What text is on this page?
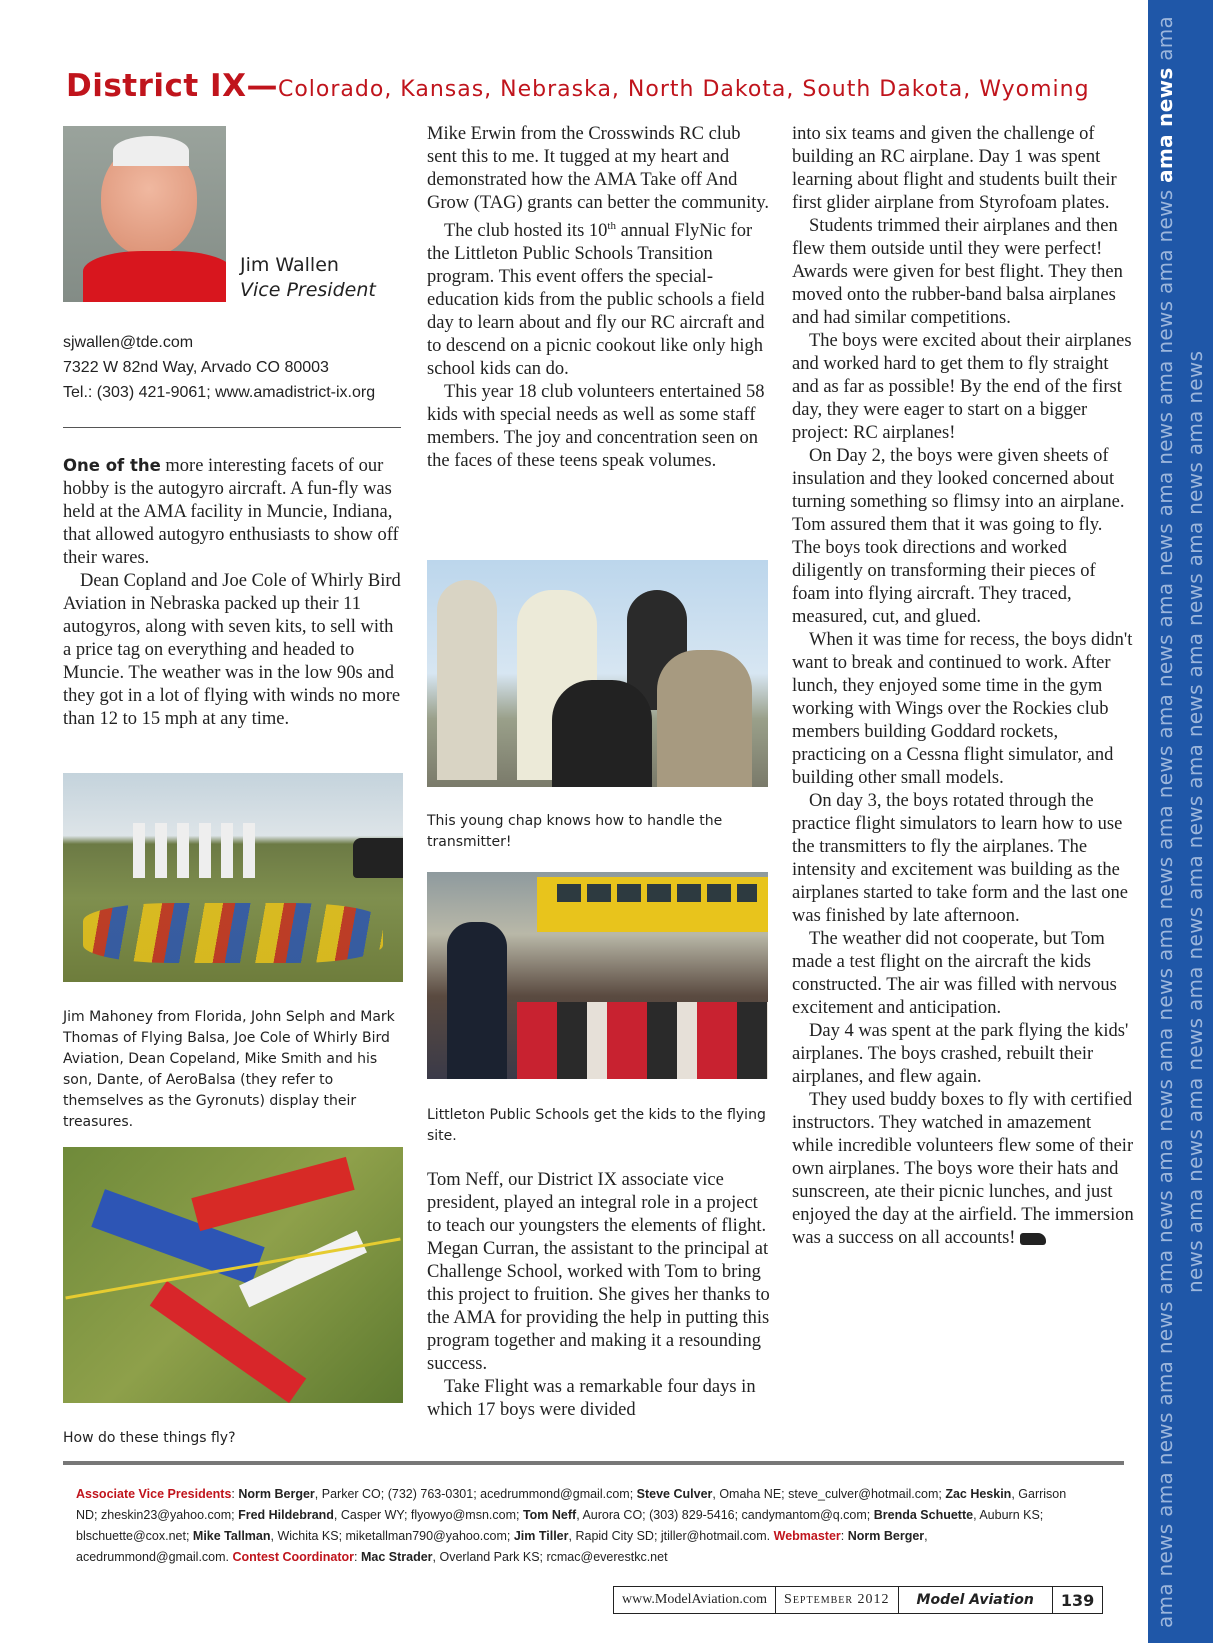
District IX—Colorado, Kansas, Nebraska, North Dakota, South Dakota, Wyoming
Jim Wallen
Vice President
sjwallen@tde.com
7322 W 82nd Way, Arvado CO 80003
Tel.: (303) 421-9061; www.amadistrict-ix.org

One of the more interesting facets of our hobby is the autogyro aircraft. A fun-fly was held at the AMA facility in Muncie, Indiana, that allowed autogyro enthusiasts to show off their wares.

Dean Copland and Joe Cole of Whirly Bird Aviation in Nebraska packed up their 11 autogyros, along with seven kits, to sell with a price tag on everything and headed to Muncie. The weather was in the low 90s and they got in a lot of flying with winds no more than 12 to 15 mph at any time.

Jim Mahoney from Florida, John Selph and Mark Thomas of Flying Balsa, Joe Cole of Whirly Bird Aviation, Dean Copeland, Mike Smith and his son, Dante, of AeroBalsa (they refer to themselves as the Gyronuts) display their treasures.
How do these things fly?

Mike Erwin from the Crosswinds RC club sent this to me. It tugged at my heart and demonstrated how the AMA Take off And Grow (TAG) grants can better the community.

The club hosted its 10th annual FlyNic for the Littleton Public Schools Transition program. This event offers the special-education kids from the public schools a field day to learn about and fly our RC aircraft and to descend on a picnic cookout like only high school kids can do.

This year 18 club volunteers entertained 58 kids with special needs as well as some staff members. The joy and concentration seen on the faces of these teens speak volumes.

This young chap knows how to handle the transmitter!
Littleton Public Schools get the kids to the flying site.

Tom Neff, our District IX associate vice president, played an integral role in a project to teach our youngsters the elements of flight. Megan Curran, the assistant to the principal at Challenge School, worked with Tom to bring this project to fruition. She gives her thanks to the AMA for providing the help in putting this program together and making it a resounding success.

Take Flight was a remarkable four days in which 17 boys were divided

into six teams and given the challenge of building an RC airplane. Day 1 was spent learning about flight and students built their first glider airplane from Styrofoam plates.

Students trimmed their airplanes and then flew them outside until they were perfect! Awards were given for best flight. They then moved onto the rubber-band balsa airplanes and had similar competitions.

The boys were excited about their airplanes and worked hard to get them to fly straight and as far as possible! By the end of the first day, they were eager to start on a bigger project: RC airplanes!

On Day 2, the boys were given sheets of insulation and they looked concerned about turning something so flimsy into an airplane. Tom assured them that it was going to fly. The boys took directions and worked diligently on transforming their pieces of foam into flying aircraft. They traced, measured, cut, and glued.

When it was time for recess, the boys didn't want to break and continued to work. After lunch, they enjoyed some time in the gym working with Wings over the Rockies club members building Goddard rockets, practicing on a Cessna flight simulator, and building other small models.

On day 3, the boys rotated through the practice flight simulators to learn how to use the transmitters to fly the airplanes. The intensity and excitement was building as the airplanes started to take form and the last one was finished by late afternoon.

The weather did not cooperate, but Tom made a test flight on the aircraft the kids constructed. The air was filled with nervous excitement and anticipation.

Day 4 was spent at the park flying the kids' airplanes. The boys crashed, rebuilt their airplanes, and flew again.

They used buddy boxes to fly with certified instructors. They watched in amazement while incredible volunteers flew some of their own airplanes. The boys wore their hats and sunscreen, ate their picnic lunches, and just enjoyed the day at the airfield. The immersion was a success on all accounts!

Associate Vice Presidents: Norm Berger, Parker CO; (732) 763-0301; acedrummond@gmail.com; Steve Culver, Omaha NE; steve_culver@hotmail.com; Zac Heskin, Garrison ND; zheskin23@yahoo.com; Fred Hildebrand, Casper WY; flyowyo@msn.com; Tom Neff, Aurora CO; (303) 829-5416; candymantom@q.com; Brenda Schuette, Auburn KS; blschuette@cox.net; Mike Tallman, Wichita KS; miketallman790@yahoo.com; Jim Tiller, Rapid City SD; jtiller@hotmail.com. Webmaster: Norm Berger, acedrummond@gmail.com. Contest Coordinator: Mac Strader, Overland Park KS; rcmac@everestkc.net
www.ModelAviation.com	September 2012	Model Aviation	139	ama news ama news ama news ama news ama news ama news ama news ama news ama news ama news ama news ama news ama news ama news ama news ama news ama news ama news ama news ama news ama news ama news ama news
